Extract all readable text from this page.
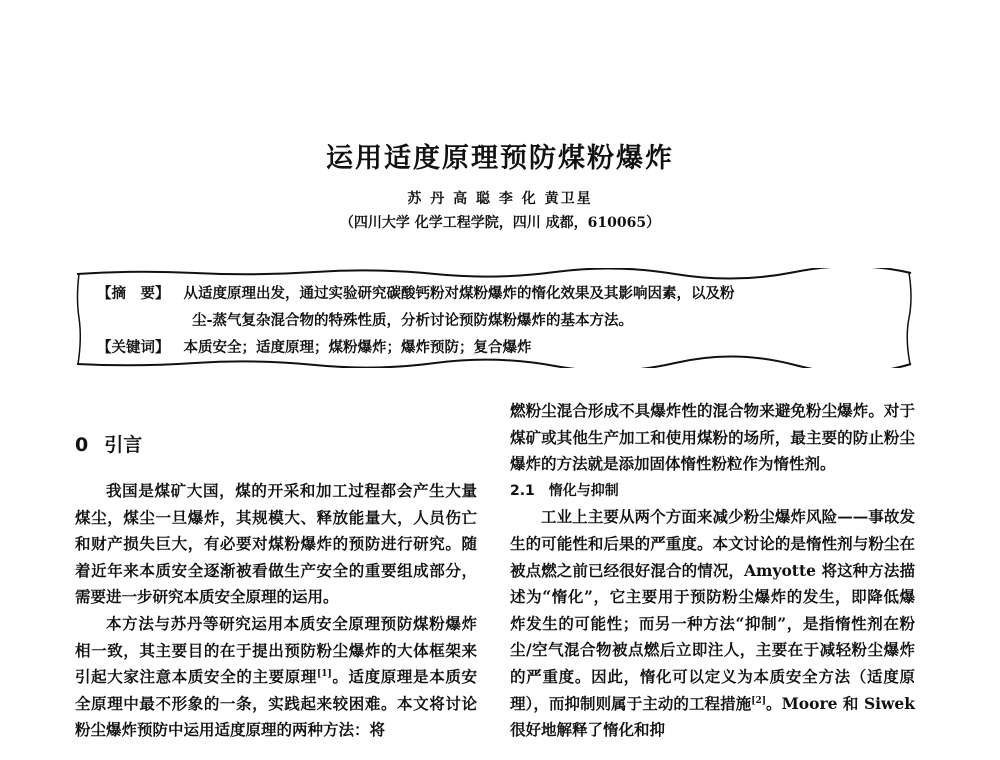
运用适度原理预防煤粉爆炸
苏 丹 高 聪 李 化 黄卫星
（四川大学 化学工程学院，四川 成都，610065）
【摘　要】 从适度原理出发，通过实验研究碳酸钙粉对煤粉爆炸的惰化效果及其影响因素，以及粉
尘-蒸气复杂混合物的特殊性质，分析讨论预防煤粉爆炸的基本方法。
【关键词】 本质安全；适度原理；煤粉爆炸；爆炸预防；复合爆炸
0 引言

我国是煤矿大国，煤的开采和加工过程都会产生大量煤尘，煤尘一旦爆炸，其规模大、释放能量大，人员伤亡和财产损失巨大，有必要对煤粉爆炸的预防进行研究。随着近年来本质安全逐渐被看做生产安全的重要组成部分，需要进一步研究本质安全原理的运用。

本方法与苏丹等研究运用本质安全原理预防煤粉爆炸相一致，其主要目的在于提出预防粉尘爆炸的大体框架来引起大家注意本质安全的主要原理[1]。适度原理是本质安全原理中最不形象的一条，实践起来较困难。本文将讨论粉尘爆炸预防中运用适度原理的两种方法：将

燃粉尘混合形成不具爆炸性的混合物来避免粉尘爆炸。对于煤矿或其他生产加工和使用煤粉的场所，最主要的防止粉尘爆炸的方法就是添加固体惰性粉粒作为惰性剂。

2.1　惰化与抑制

工业上主要从两个方面来减少粉尘爆炸风险——事故发生的可能性和后果的严重度。本文讨论的是惰性剂与粉尘在被点燃之前已经很好混合的情况，Amyotte 将这种方法描述为“惰化”，它主要用于预防粉尘爆炸的发生，即降低爆炸发生的可能性；而另一种方法“抑制”，是指惰性剂在粉尘/空气混合物被点燃后立即注人，主要在于减轻粉尘爆炸的严重度。因此，惰化可以定义为本质安全方法（适度原理），而抑制则属于主动的工程措施[2]。Moore 和 Siwek 很好地解释了惰化和抑
